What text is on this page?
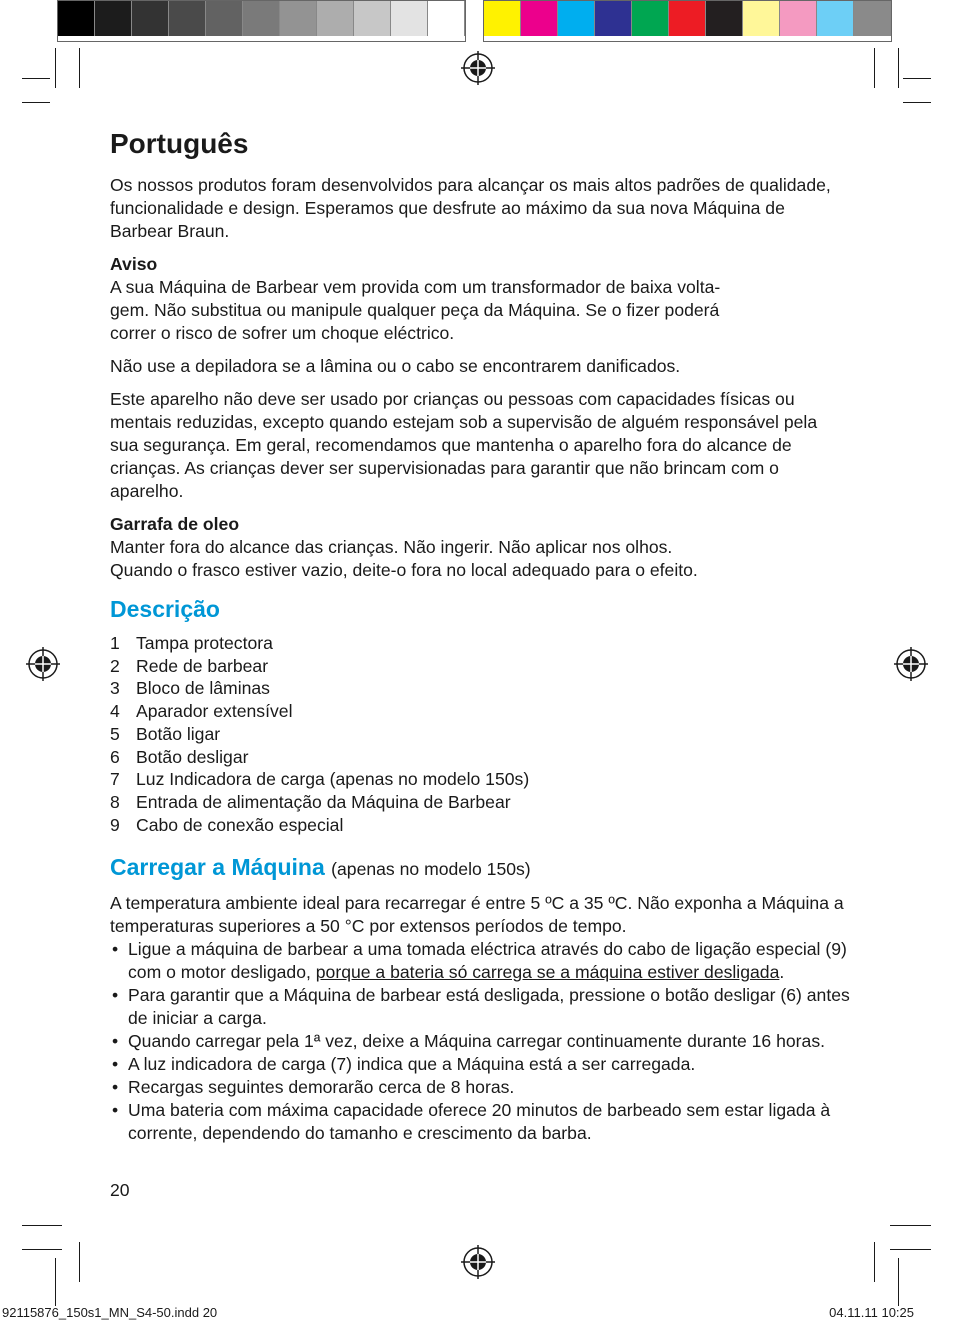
Português

Os nossos produtos foram desenvolvidos para alcançar os mais altos padrões de qualidade, funcionalidade e design. Esperamos que desfrute ao máximo da sua nova Máquina de Barbear Braun.

Aviso
A sua Máquina de Barbear vem provida com um transformador de baixa volta-
gem. Não substitua ou manipule qualquer peça da Máquina. Se o fizer poderá
correr o risco de sofrer um choque eléctrico.

Não use a depiladora se a lâmina ou o cabo se encontrarem danificados.

Este aparelho não deve ser usado por crianças ou pessoas com capacidades físicas ou mentais reduzidas, excepto quando estejam sob a supervisão de alguém responsável pela sua segurança. Em geral, recomendamos que mantenha o aparelho fora do alcance de crianças. As crianças dever ser supervisionadas para garantir que não brincam com o aparelho.

Garrafa de oleo
Manter fora do alcance das crianças. Não ingerir. Não aplicar nos olhos.
Quando o frasco estiver vazio, deite-o fora no local adequado para o efeito.

Descrição
1 Tampa protectora
2 Rede de barbear
3 Bloco de lâminas
4 Aparador extensível
5 Botão ligar
6 Botão desligar
7 Luz Indicadora de carga (apenas no modelo 150s)
8 Entrada de alimentação da Máquina de Barbear
9 Cabo de conexão especial
Carregar a Máquina (apenas no modelo 150s)

A temperatura ambiente ideal para recarregar é entre 5 ºC a 35 ºC. Não exponha a Máquina a temperaturas superiores a 50 °C por extensos períodos de tempo.

• Ligue a máquina de barbear a uma tomada eléctrica através do cabo de ligação especial (9) com o motor desligado, porque a bateria só carrega se a máquina estiver desligada.
• Para garantir que a Máquina de barbear está desligada, pressione o botão desligar (6) antes de iniciar a carga.
• Quando carregar pela 1ª vez, deixe a Máquina carregar continuamente durante 16 horas.
• A luz indicadora de carga (7) indica que a Máquina está a ser carregada.
• Recargas seguintes demorarão cerca de 8 horas.
• Uma bateria com máxima capacidade oferece 20 minutos de barbeado sem estar ligada à corrente, dependendo do tamanho e crescimento da barba.
20
92115876_150s1_MN_S4-50.indd 20	04.11.11 10:25
